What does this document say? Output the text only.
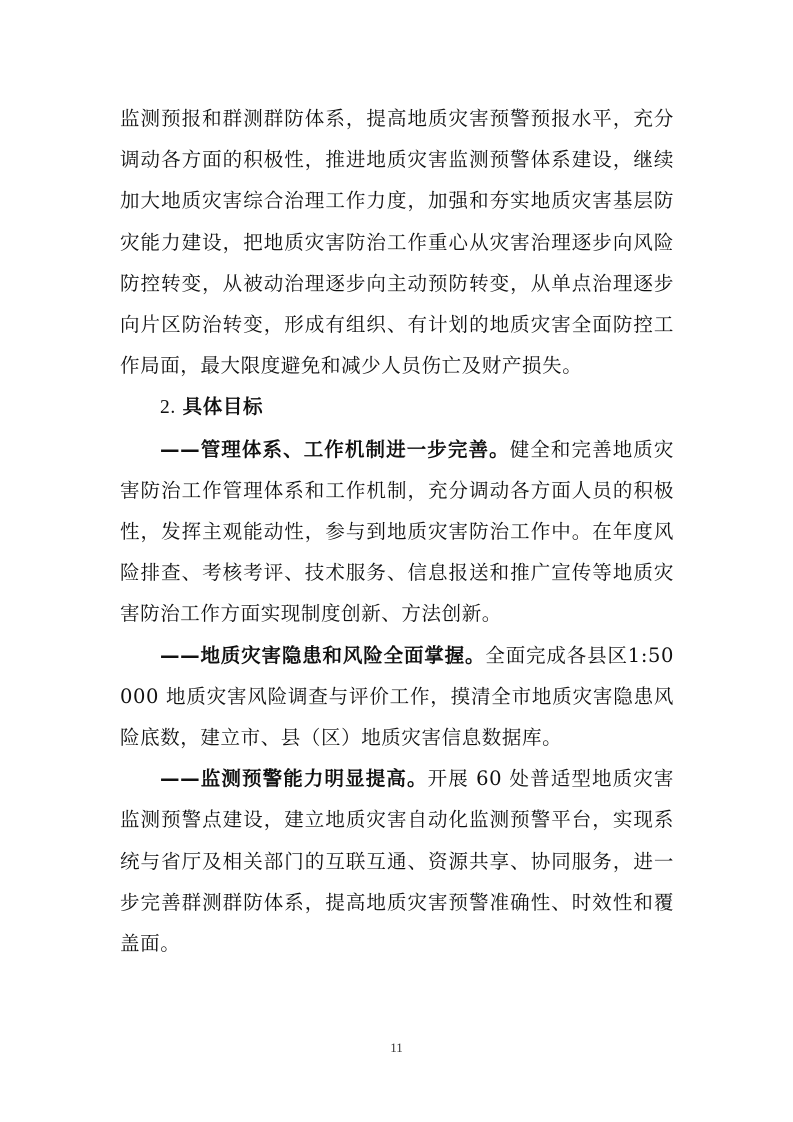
监测预报和群测群防体系，提高地质灾害预警预报水平，充分调动各方面的积极性，推进地质灾害监测预警体系建设，继续加大地质灾害综合治理工作力度，加强和夯实地质灾害基层防灾能力建设，把地质灾害防治工作重心从灾害治理逐步向风险防控转变，从被动治理逐步向主动预防转变，从单点治理逐步向片区防治转变，形成有组织、有计划的地质灾害全面防控工作局面，最大限度避免和减少人员伤亡及财产损失。

2. 具体目标

——管理体系、工作机制进一步完善。健全和完善地质灾害防治工作管理体系和工作机制，充分调动各方面人员的积极性，发挥主观能动性，参与到地质灾害防治工作中。在年度风险排查、考核考评、技术服务、信息报送和推广宣传等地质灾害防治工作方面实现制度创新、方法创新。

——地质灾害隐患和风险全面掌握。全面完成各县区1:50000 地质灾害风险调查与评价工作，摸清全市地质灾害隐患风险底数，建立市、县（区）地质灾害信息数据库。

——监测预警能力明显提高。开展 60 处普适型地质灾害监测预警点建设，建立地质灾害自动化监测预警平台，实现系统与省厅及相关部门的互联互通、资源共享、协同服务，进一步完善群测群防体系，提高地质灾害预警准确性、时效性和覆盖面。

11
